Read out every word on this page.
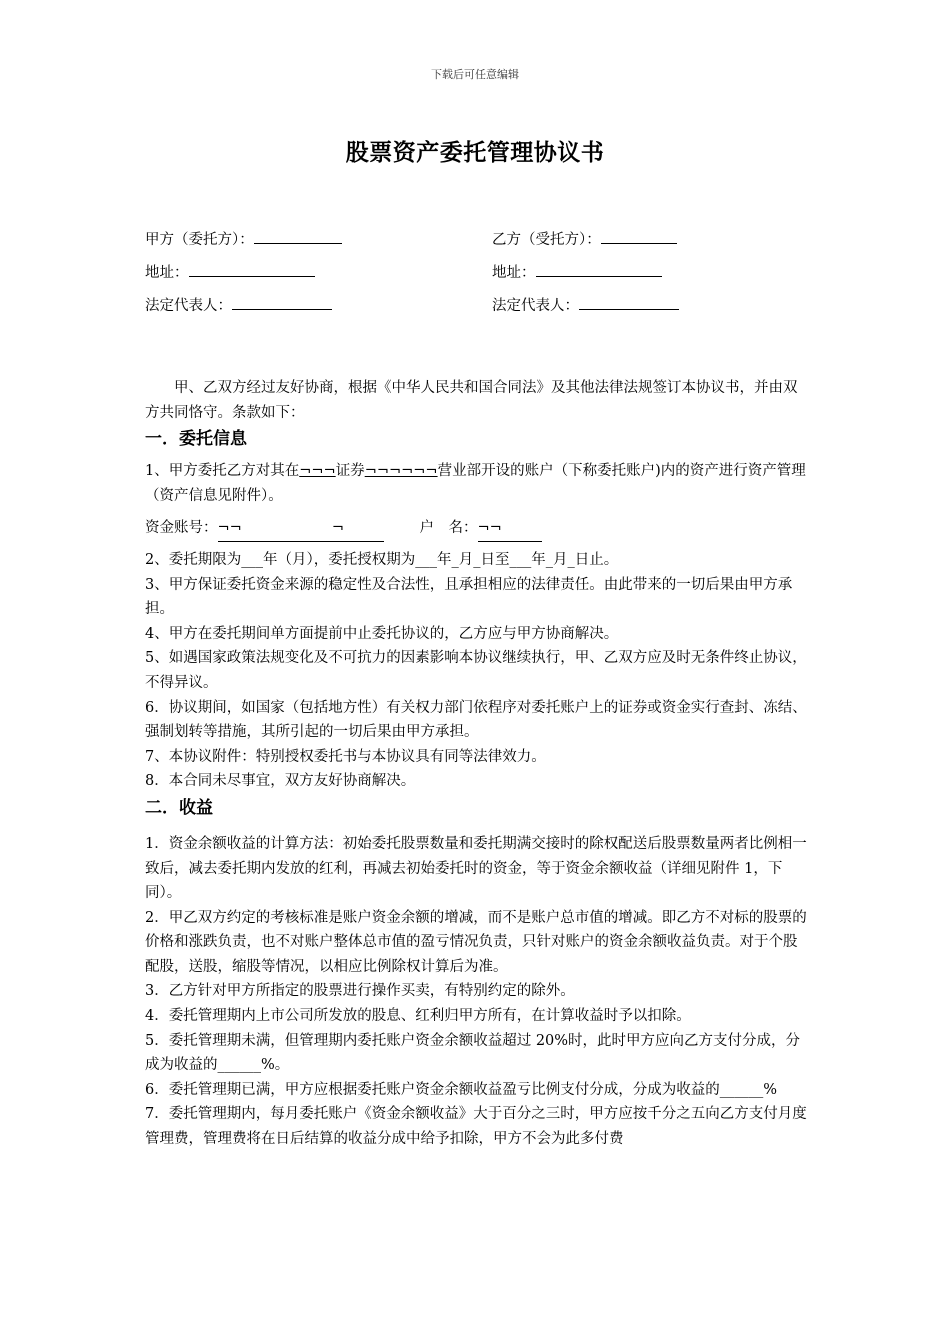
下载后可任意编辑
股票资产委托管理协议书
甲方（委托方）：	乙方（受托方）：
地址：	地址：
法定代表人：	法定代表人：

甲、乙双方经过友好协商，根据《中华人民共和国合同法》及其他法律法规签订本协议书，并由双方共同恪守。条款如下：

一．委托信息

1、甲方委托乙方对其在¬¬¬证券¬¬¬¬¬¬营业部开设的账户（下称委托账户)内的资产进行资产管理（资产信息见附件）。

资金账号：¬¬	¬	户　名：¬¬

2、委托期限为___年（月），委托授权期为___年_月_日至___年_月_日止。

3、甲方保证委托资金来源的稳定性及合法性，且承担相应的法律责任。由此带来的一切后果由甲方承担。

4、甲方在委托期间单方面提前中止委托协议的，乙方应与甲方协商解决。

5、如遇国家政策法规变化及不可抗力的因素影响本协议继续执行，甲、乙双方应及时无条件终止协议，不得异议。

6．协议期间，如国家（包括地方性）有关权力部门依程序对委托账户上的证券或资金实行查封、冻结、强制划转等措施，其所引起的一切后果由甲方承担。

7、本协议附件：特别授权委托书与本协议具有同等法律效力。

8．本合同未尽事宜，双方友好协商解决。

二．收益

1．资金余额收益的计算方法：初始委托股票数量和委托期满交接时的除权配送后股票数量两者比例相一致后，减去委托期内发放的红利，再减去初始委托时的资金，等于资金余额收益（详细见附件 1，下同）。

2．甲乙双方约定的考核标准是账户资金余额的增减，而不是账户总市值的增减。即乙方不对标的股票的价格和涨跌负责，也不对账户整体总市值的盈亏情况负责，只针对账户的资金余额收益负责。对于个股配股，送股，缩股等情况，以相应比例除权计算后为准。

3．乙方针对甲方所指定的股票进行操作买卖，有特别约定的除外。

4．委托管理期内上市公司所发放的股息、红利归甲方所有，在计算收益时予以扣除。

5．委托管理期未满，但管理期内委托账户资金余额收益超过 20%时，此时甲方应向乙方支付分成，分成为收益的______%。

6．委托管理期已满，甲方应根据委托账户资金余额收益盈亏比例支付分成，分成为收益的______%

7．委托管理期内，每月委托账户《资金余额收益》大于百分之三时，甲方应按千分之五向乙方支付月度管理费，管理费将在日后结算的收益分成中给予扣除，甲方不会为此多付费
